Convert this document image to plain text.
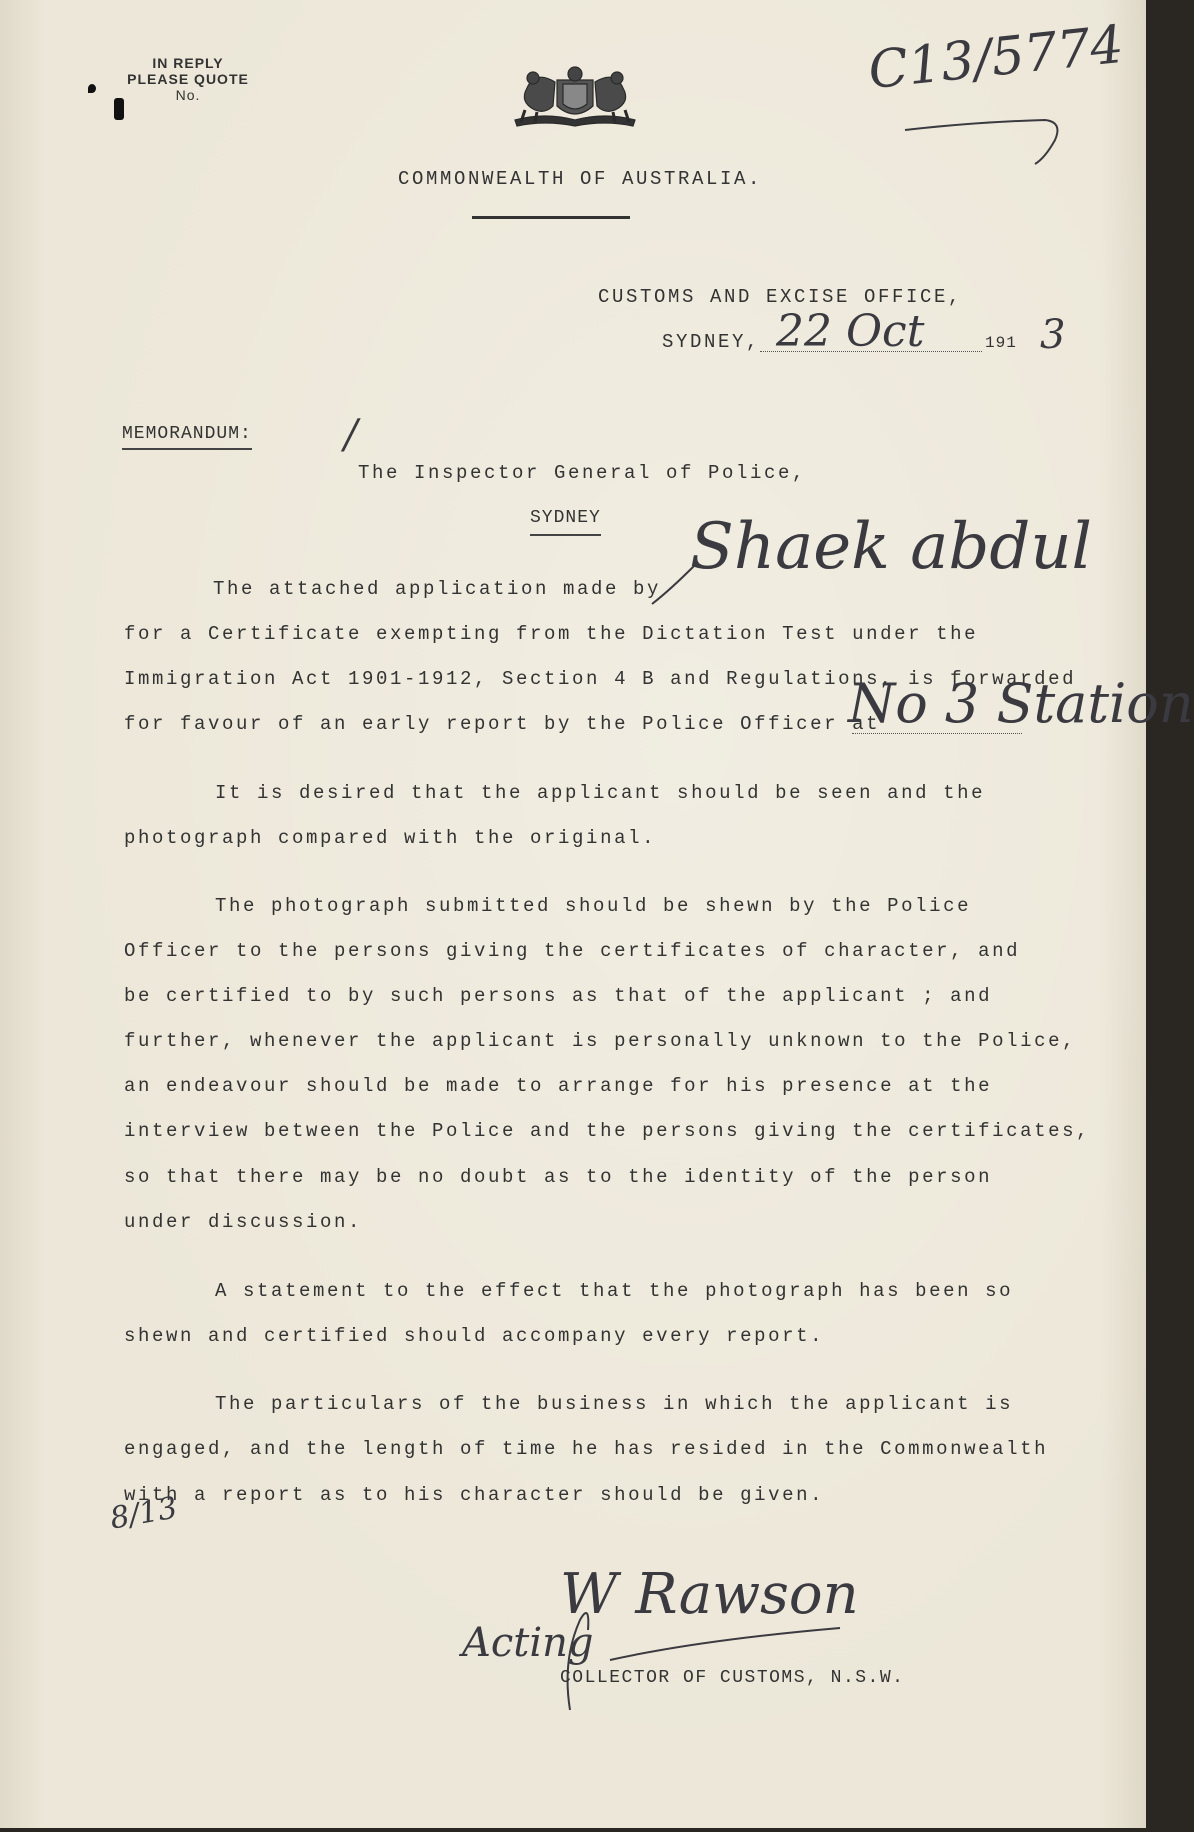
IN REPLY
PLEASE QUOTE
No.	C13/5774
COMMONWEALTH OF AUSTRALIA.
CUSTOMS AND EXCISE OFFICE,
SYDNEY, 22 Oct	191 3
MEMORANDUM: /
The Inspector General of Police,
SYDNEY
The attached application made by
Shaek abdul
for a Certificate exempting from the Dictation Test under the
Immigration Act 1901-1912, Section 4 B and Regulations, is forwarded
for favour of an early report by the Police Officer at
No 3 Station
It is desired that the applicant should be seen and the
photograph compared with the original.
The photograph submitted should be shewn by the Police
Officer to the persons giving the certificates of character, and
be certified to by such persons as that of the applicant ; and
further, whenever the applicant is personally unknown to the Police,
an endeavour should be made to arrange for his presence at the
interview between the Police and the persons giving the certificates,
so that there may be no doubt as to the identity of the person
under discussion.
A statement to the effect that the photograph has been so
shewn and certified should accompany every report.
The particulars of the business in which the applicant is
engaged, and the length of time he has resided in the Commonwealth
with a report as to his character should be given.
8/13
W Rawson
Acting
COLLECTOR OF CUSTOMS, N.S.W.
